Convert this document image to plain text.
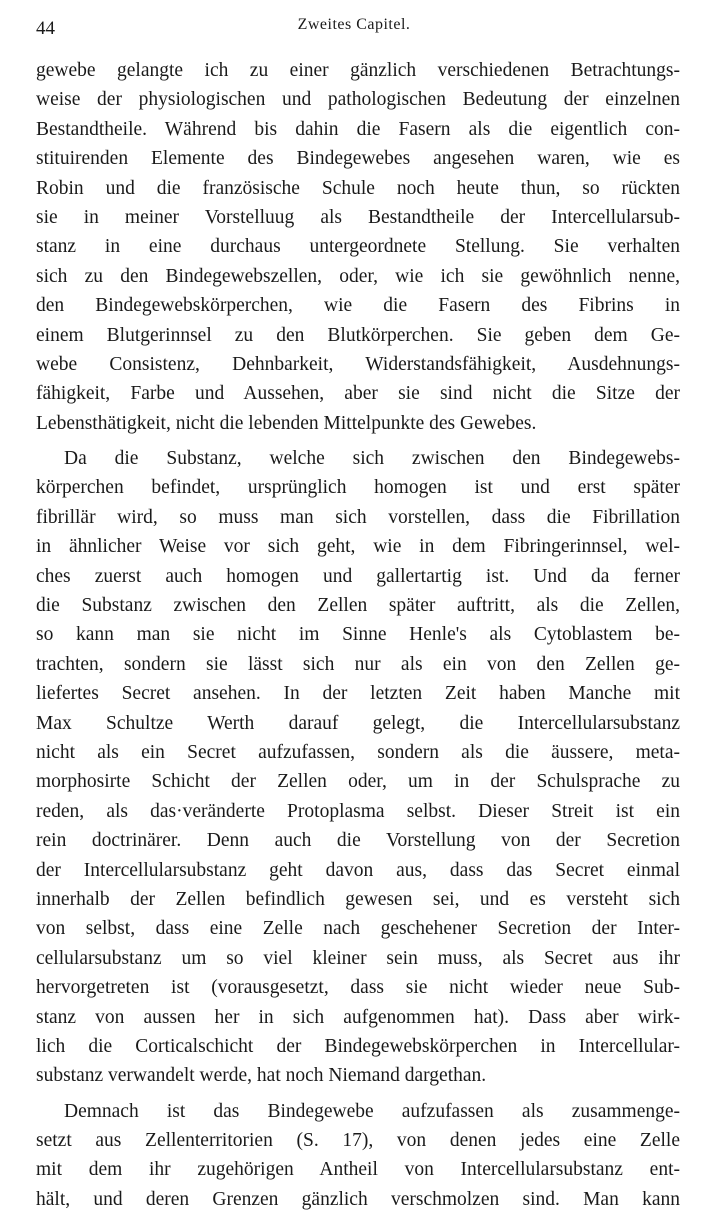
44	Zweites Capitel.
gewebe gelangte ich zu einer gänzlich verschiedenen Betrachtungs-
weise der physiologischen und pathologischen Bedeutung der einzelnen
Bestandtheile. Während bis dahin die Fasern als die eigentlich con-
stituirenden Elemente des Bindegewebes angesehen waren, wie es
Robin und die französische Schule noch heute thun, so rückten
sie in meiner Vorstelluug als Bestandtheile der Intercellularsub-
stanz in eine durchaus untergeordnete Stellung. Sie verhalten
sich zu den Bindegewebszellen, oder, wie ich sie gewöhnlich nenne,
den Bindegewebskörperchen, wie die Fasern des Fibrins in
einem Blutgerinnsel zu den Blutkörperchen. Sie geben dem Ge-
webe Consistenz, Dehnbarkeit, Widerstandsfähigkeit, Ausdehnungs-
fähigkeit, Farbe und Aussehen, aber sie sind nicht die Sitze der
Lebensthätigkeit, nicht die lebenden Mittelpunkte des Gewebes.
Da die Substanz, welche sich zwischen den Bindegewebs-
körperchen befindet, ursprünglich homogen ist und erst später
fibrillär wird, so muss man sich vorstellen, dass die Fibrillation
in ähnlicher Weise vor sich geht, wie in dem Fibringerinnsel, wel-
ches zuerst auch homogen und gallertartig ist. Und da ferner
die Substanz zwischen den Zellen später auftritt, als die Zellen,
so kann man sie nicht im Sinne Henle's als Cytoblastem be-
trachten, sondern sie lässt sich nur als ein von den Zellen ge-
liefertes Secret ansehen. In der letzten Zeit haben Manche mit
Max Schultze Werth darauf gelegt, die Intercellularsubstanz
nicht als ein Secret aufzufassen, sondern als die äussere, meta-
morphosirte Schicht der Zellen oder, um in der Schulsprache zu
reden, als das·veränderte Protoplasma selbst. Dieser Streit ist ein
rein doctrinärer. Denn auch die Vorstellung von der Secretion
der Intercellularsubstanz geht davon aus, dass das Secret einmal
innerhalb der Zellen befindlich gewesen sei, und es versteht sich
von selbst, dass eine Zelle nach geschehener Secretion der Inter-
cellularsubstanz um so viel kleiner sein muss, als Secret aus ihr
hervorgetreten ist (vorausgesetzt, dass sie nicht wieder neue Sub-
stanz von aussen her in sich aufgenommen hat). Dass aber wirk-
lich die Corticalschicht der Bindegewebskörperchen in Intercellular-
substanz verwandelt werde, hat noch Niemand dargethan.
Demnach ist das Bindegewebe aufzufassen als zusammenge-
setzt aus Zellenterritorien (S. 17), von denen jedes eine Zelle
mit dem ihr zugehörigen Antheil von Intercellularsubstanz ent-
hält, und deren Grenzen gänzlich verschmolzen sind. Man kann
